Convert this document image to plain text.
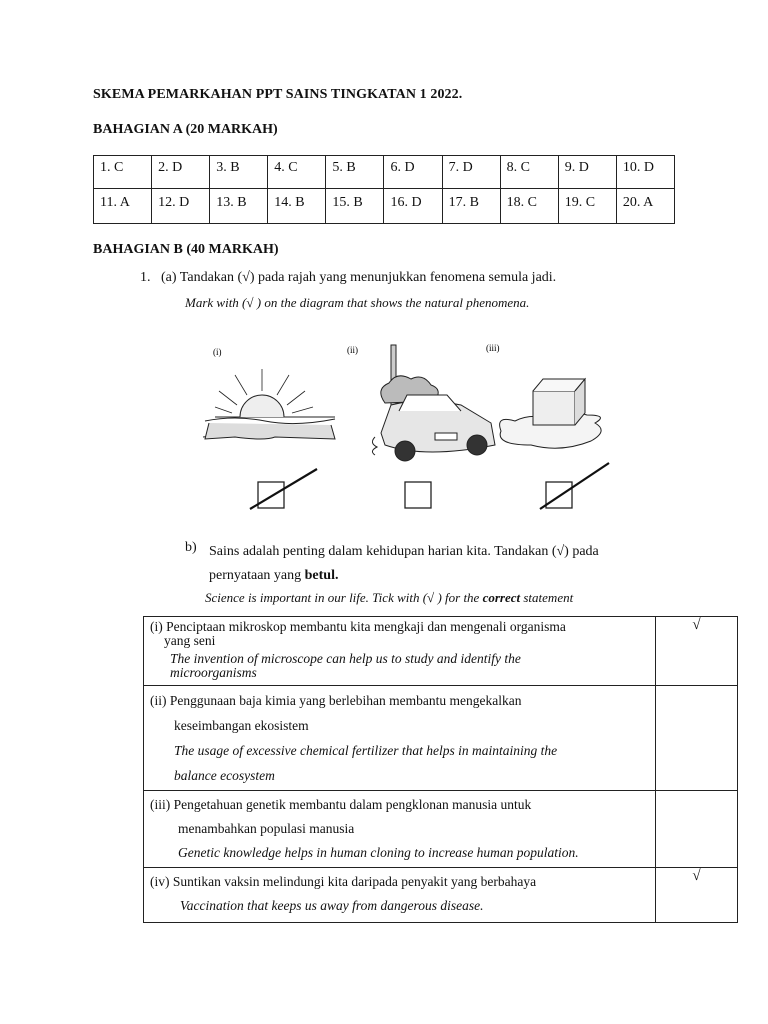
SKEMA PEMARKAHAN PPT SAINS TINGKATAN 1 2022.
BAHAGIAN A (20 MARKAH)
1. C	2. D	3. B	4. C	5. B	6. D	7. D	8. C	9. D	10. D
11. A	12. D	13. B	14. B	15. B	16. D	17. B	18. C	19. C	20. A
BAHAGIAN B (40 MARKAH)
1. (a) Tandakan (√) pada rajah yang menunjukkan fenomena semula jadi.
Mark with (√ ) on the diagram that shows the natural phenomena.
(i)	(ii)	(iii)
b) Sains adalah penting dalam kehidupan harian kita. Tandakan (√) pada
pernyataan yang betul.
Science is important in our life. Tick with (√ ) for the correct statement
(i) Penciptaan mikroskop membantu kita mengkaji dan mengenali organisma
yang seni
The invention of microscope can help us to study and identify the
microorganisms	√

(ii) Penggunaan baja kimia yang berlebihan membantu mengekalkan
keseimbangan ekosistem
The usage of excessive chemical fertilizer that helps in maintaining the
balance ecosystem	

(iii) Pengetahuan genetik membantu dalam pengklonan manusia untuk
menambahkan populasi manusia
Genetic knowledge helps in human cloning to increase human population.	

(iv) Suntikan vaksin melindungi kita daripada penyakit yang berbahaya
Vaccination that keeps us away from dangerous disease.	√
